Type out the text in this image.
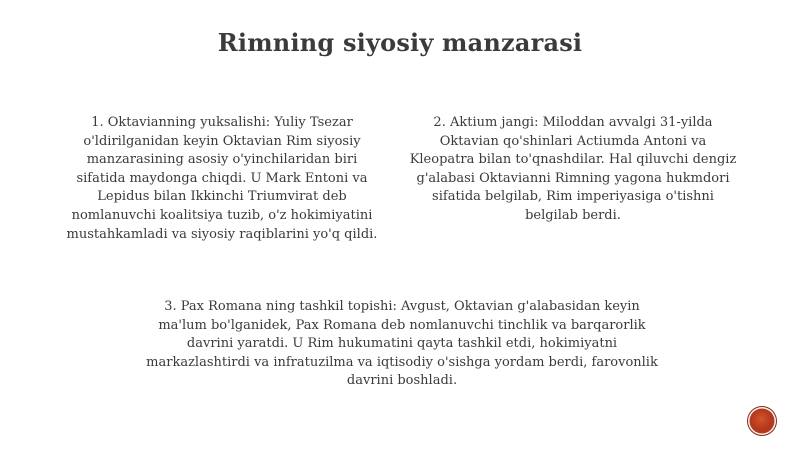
Rimning siyosiy manzarasi
1. Oktavianning yuksalishi: Yuliy Tsezar o'ldirilganidan keyin Oktavian Rim siyosiy manzarasining asosiy o'yinchilaridan biri sifatida maydonga chiqdi. U Mark Entoni va Lepidus bilan Ikkinchi Triumvirat deb nomlanuvchi koalitsiya tuzib, o'z hokimiyatini mustahkamladi va siyosiy raqiblarini yo'q qildi.
2. Aktium jangi: Miloddan avvalgi 31-yilda Oktavian qo'shinlari Actiumda Antoni va Kleopatra bilan to'qnashdilar. Hal qiluvchi dengiz g'alabasi Oktavianni Rimning yagona hukmdori sifatida belgilab, Rim imperiyasiga o'tishni belgilab berdi.
3. Pax Romana ning tashkil topishi: Avgust, Oktavian g'alabasidan keyin ma'lum bo'lganidek, Pax Romana deb nomlanuvchi tinchlik va barqarorlik davrini yaratdi. U Rim hukumatini qayta tashkil etdi, hokimiyatni markazlashtirdi va infratuzilma va iqtisodiy o'sishga yordam berdi, farovonlik davrini boshladi.
